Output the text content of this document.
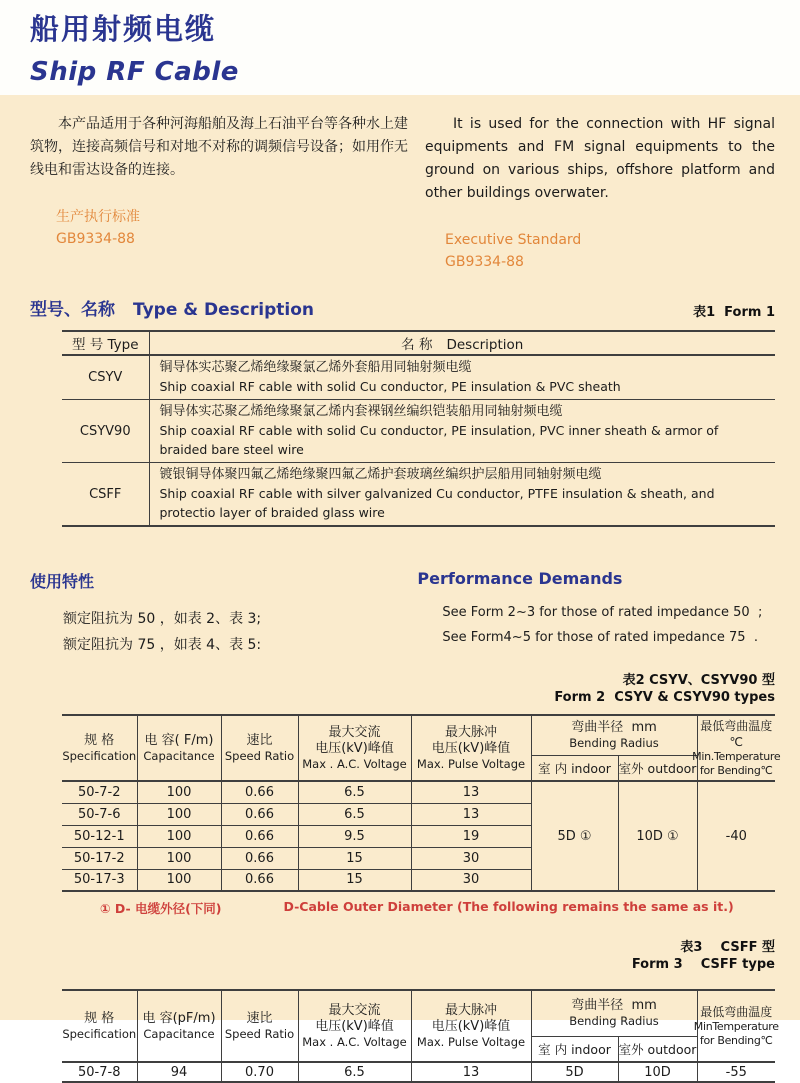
船用射频电缆
Ship RF Cable

本产品适用于各种河海船舶及海上石油平台等各种水上建筑物，连接高频信号和对地不对称的调频信号设备；如用作无线电和雷达设备的连接。

生产执行标准
GB9334-88

It is used for the connection with HF signal equipments and FM signal equipments to the ground on various ships, offshore platform and other buildings overwater.

Executive Standard
GB9334-88
型号、名称 Type & Description	表1  Form 1
型 号 Type	名 称 Description
CSYV	铜导体实芯聚乙烯绝缘聚氯乙烯外套船用同轴射频电缆
Ship coaxial RF cable with solid Cu conductor, PE insulation & PVC sheath

CSYV90	铜导体实芯聚乙烯绝缘聚氯乙烯内套裸钢丝编织铠装船用同轴射频电缆
Ship coaxial RF cable with solid Cu conductor, PE insulation, PVC inner sheath & armor of braided bare steel wire

CSFF	镀银铜导体聚四氟乙烯绝缘聚四氟乙烯护套玻璃丝编织护层船用同轴射频电缆
Ship coaxial RF cable with silver galvanized Cu conductor, PTFE insulation & sheath, and protectio layer of braided glass wire
使用特性
额定阻抗为 50 ，如表 2、表 3;
额定阻抗为 75 ，如表 4、表 5:
Performance Demands
See Form 2~3 for those of rated impedance 50  ;
See Form4~5 for those of rated impedance 75  .
表2 CSYV、CSYV90 型
Form 2  CSYV & CSYV90 types
规 格
Specification	电 容( F/m)
Capacitance	速比
Speed Ratio	最大交流
电压(kV)峰值
Max . A.C. Voltage	最大脉冲
电压(kV)峰值
Max. Pulse Voltage	弯曲半径  mm
Bending Radius		最低弯曲温度 ℃
Min.Temperature
for Bending℃

					室 内 indoor	室外 outdoor	
50-7-2	100	0.66	6.5	13	5D ①	10D ①	-40
50-7-6	100	0.66	6.5	13			
50-12-1	100	0.66	9.5	19			
50-17-2	100	0.66	15	30			
50-17-3	100	0.66	15	30			
① D- 电缆外径(下同)	D-Cable Outer Diameter (The following remains the same as it.)
表3    CSFF 型
Form 3    CSFF type
规 格
Specification	电 容(pF/m)
Capacitance	速比
Speed Ratio	最大交流
电压(kV)峰值
Max . A.C. Voltage	最大脉冲
电压(kV)峰值
Max. Pulse Voltage	弯曲半径  mm
Bending Radius		最低弯曲温度
MinTemperature
for Bending℃

					室 内 indoor	室外 outdoor	
50-7-8	94	0.70	6.5	13	5D	10D	-55
